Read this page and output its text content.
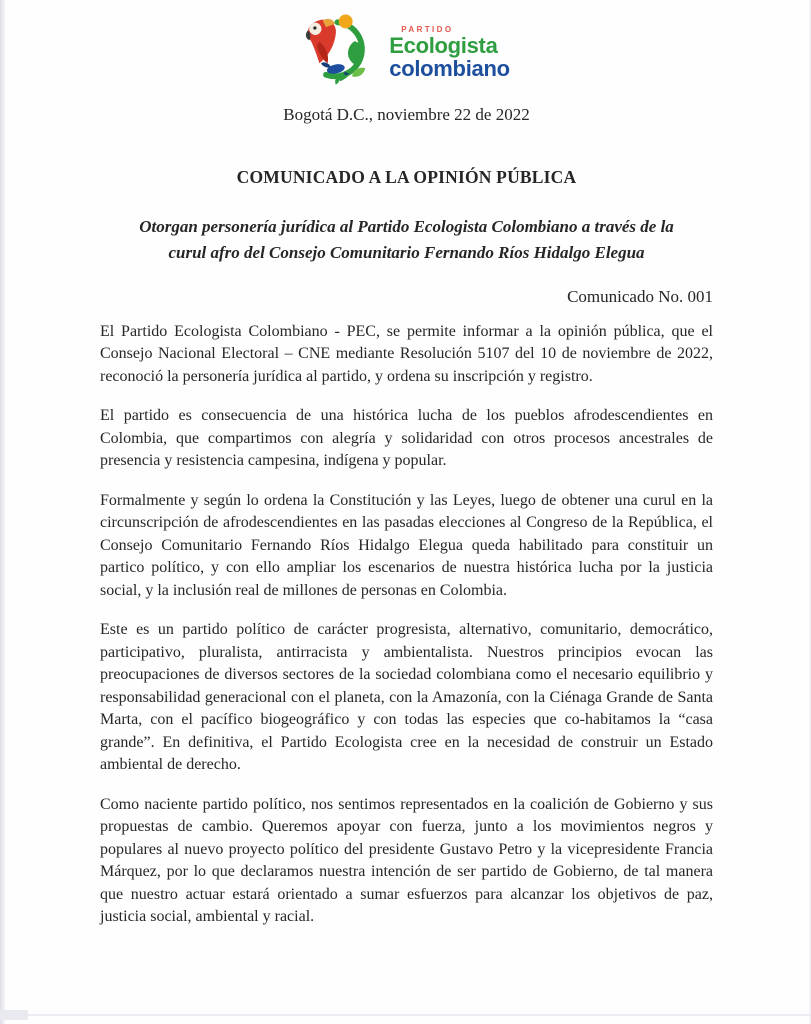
PARTIDO
Ecologista
colombiano
Bogotá D.C., noviembre 22 de 2022
COMUNICADO A LA OPINIÓN PÚBLICA
Otorgan personería jurídica al Partido Ecologista Colombiano a través de la
curul afro del Consejo Comunitario Fernando Ríos Hidalgo Elegua
Comunicado No. 001

El Partido Ecologista Colombiano - PEC, se permite informar a la opinión pública, que el Consejo Nacional Electoral – CNE mediante Resolución 5107 del 10 de noviembre de 2022, reconoció la personería jurídica al partido, y ordena su inscripción y registro.

El partido es consecuencia de una histórica lucha de los pueblos afrodescendientes en Colombia, que compartimos con alegría y solidaridad con otros procesos ancestrales de presencia y resistencia campesina, indígena y popular.

Formalmente y según lo ordena la Constitución y las Leyes, luego de obtener una curul en la circunscripción de afrodescendientes en las pasadas elecciones al Congreso de la República, el Consejo Comunitario Fernando Ríos Hidalgo Elegua queda habilitado para constituir un partico político, y con ello ampliar los escenarios de nuestra histórica lucha por la justicia social, y la inclusión real de millones de personas en Colombia.

Este es un partido político de carácter progresista, alternativo, comunitario, democrático, participativo, pluralista, antirracista y ambientalista. Nuestros principios evocan las preocupaciones de diversos sectores de la sociedad colombiana como el necesario equilibrio y responsabilidad generacional con el planeta, con la Amazonía, con la Ciénaga Grande de Santa Marta, con el pacífico biogeográfico y con todas las especies que co-habitamos la “casa grande”. En definitiva, el Partido Ecologista cree en la necesidad de construir un Estado ambiental de derecho.

Como naciente partido político, nos sentimos representados en la coalición de Gobierno y sus propuestas de cambio. Queremos apoyar con fuerza, junto a los movimientos negros y populares al nuevo proyecto político del presidente Gustavo Petro y la vicepresidente Francia Márquez, por lo que declaramos nuestra intención de ser partido de Gobierno, de tal manera que nuestro actuar estará orientado a sumar esfuerzos para alcanzar los objetivos de paz, justicia social, ambiental y racial.
